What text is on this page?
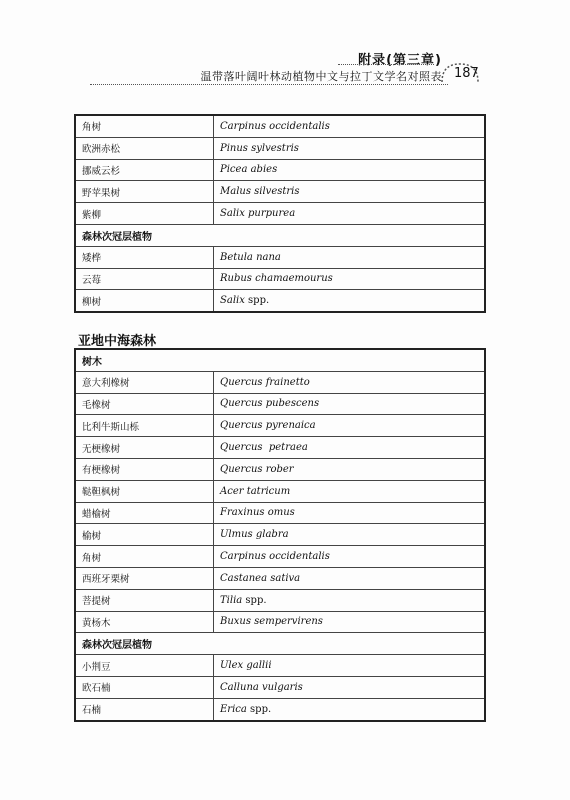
附录(第三章)
温带落叶阔叶林动植物中文与拉丁文学名对照表 187
角树	Carpinus occidentalis
欧洲赤松	Pinus sylvestris
挪威云杉	Picea abies
野苹果树	Malus silvestris
紫柳	Salix purpurea
森林次冠层植物	
矮桦	Betula nana
云莓	Rubus chamaemourus
柳树	Salix spp.
亚地中海森林
树木	
意大利橡树	Quercus frainetto
毛橡树	Quercus pubescens
比利牛斯山栎	Quercus pyrenaica
无梗橡树	Quercus  petraea
有梗橡树	Quercus rober
鞑靼枫树	Acer tatricum
蜡榆树	Fraxinus omus
榆树	Ulmus glabra
角树	Carpinus occidentalis
西班牙栗树	Castanea sativa
菩提树	Tilia spp.
黄杨木	Buxus sempervirens
森林次冠层植物	
小荆豆	Ulex gallii
欧石楠	Calluna vulgaris
石楠	Erica spp.
